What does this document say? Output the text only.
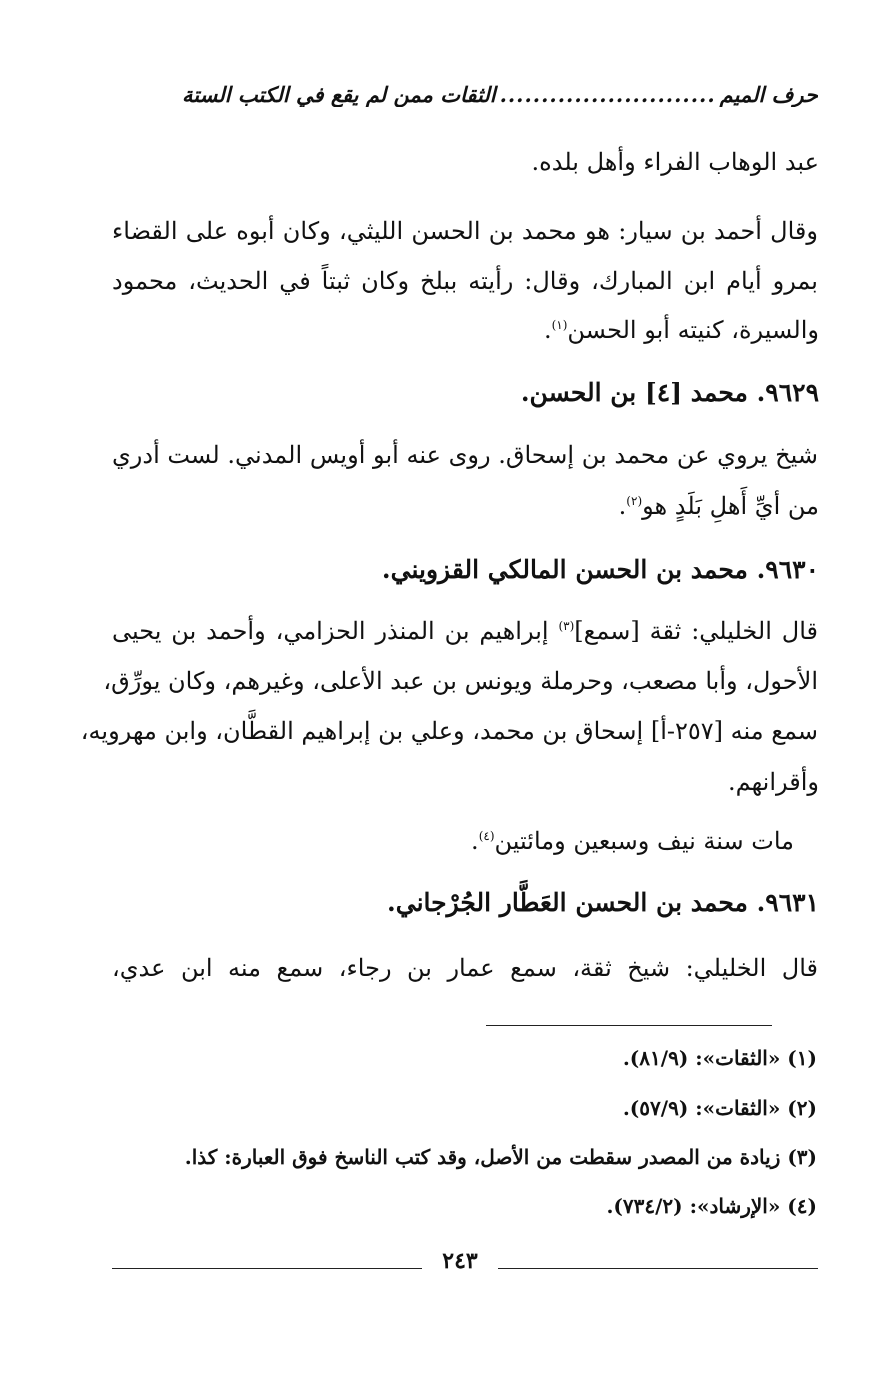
حرف الميم..........................الثقات ممن لم يقع في الكتب الستة
عبد الوهاب الفراء وأهل بلده.
وقال أحمد بن سيار: هو محمد بن الحسن الليثي، وكان أبوه على القضاء
بمرو أيام ابن المبارك، وقال: رأيته ببلخ وكان ثبتاً في الحديث، محمود
والسيرة، كنيته أبو الحسن$^{(١)}$.
٩٦٢٩. محمد [٤] بن الحسن.
شيخ يروي عن محمد بن إسحاق. روى عنه أبو أويس المدني. لست أدري
من أيِّ أَهلِ بَلَدٍ هو$^{(٢)}$.
٩٦٣٠. محمد بن الحسن المالكي القزويني.
قال الخليلي: ثقة [سمع]$^{(٣)}$ إبراهيم بن المنذر الحزامي، وأحمد بن يحيى
الأحول، وأبا مصعب، وحرملة ويونس بن عبد الأعلى، وغيرهم، وكان يورِّق،
سمع منه [٢٥٧-أ] إسحاق بن محمد، وعلي بن إبراهيم القطَّان، وابن مهرويه،
وأقرانهم.
مات سنة نيف وسبعين ومائتين$^{(٤)}$.
٩٦٣١. محمد بن الحسن العَطَّار الجُرْجاني.
قال الخليلي: شيخ ثقة، سمع عمار بن رجاء، سمع منه ابن عدي،
(١) «الثقات»: (٨١/٩).
(٢) «الثقات»: (٥٧/٩).
(٣) زيادة من المصدر سقطت من الأصل، وقد كتب الناسخ فوق العبارة: كذا.
(٤) «الإرشاد»: (٧٣٤/٢).
٢٤٣
